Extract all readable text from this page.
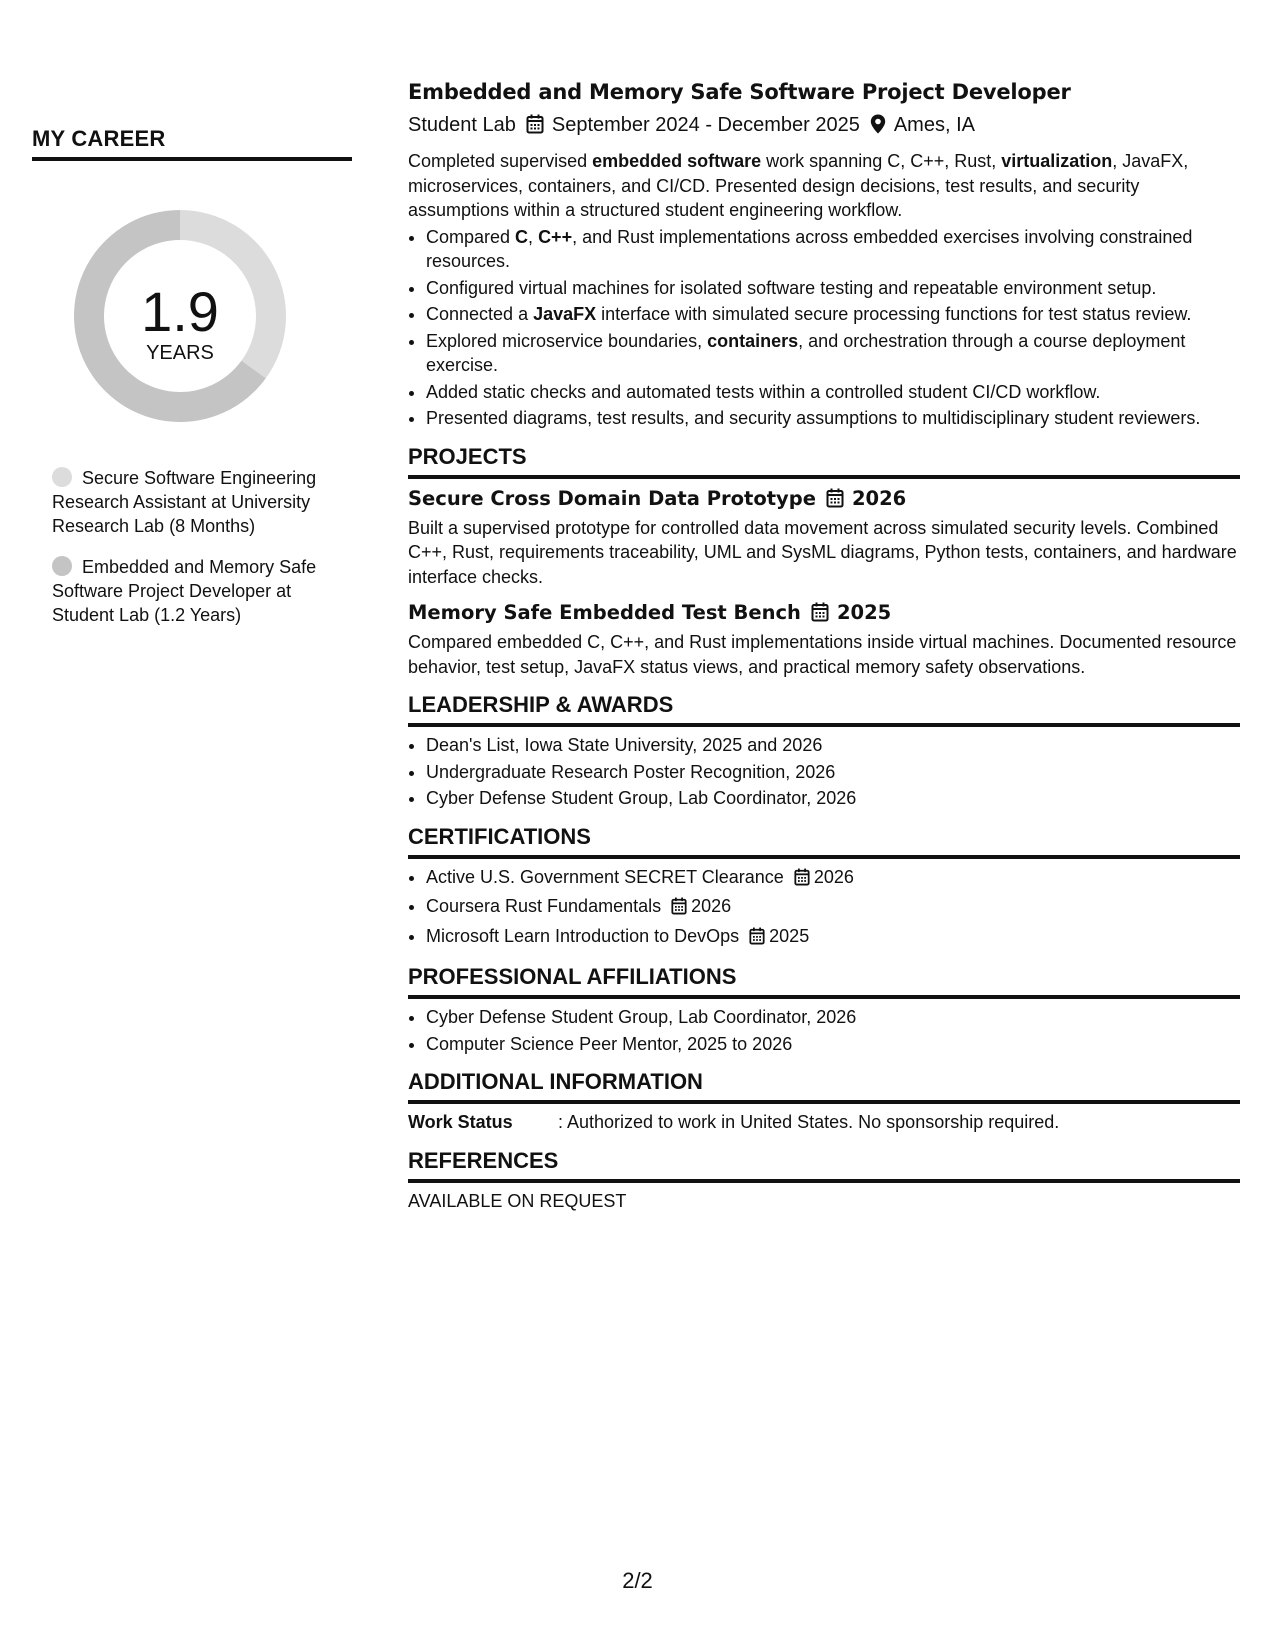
MY CAREER
1.9
YEARS
Secure Software Engineering Research Assistant at University Research Lab (8 Months)
Embedded and Memory Safe Software Project Developer at Student Lab (1.2 Years)
Embedded and Memory Safe Software Project Developer
Student Lab September 2024 - December 2025 Ames, IA

Completed supervised embedded software work spanning C, C++, Rust, virtualization, JavaFX, microservices, containers, and CI/CD. Presented design decisions, test results, and security assumptions within a structured student engineering workflow.

• Compared C, C++, and Rust implementations across embedded exercises involving constrained resources.
• Configured virtual machines for isolated software testing and repeatable environment setup.
• Connected a JavaFX interface with simulated secure processing functions for test status review.
• Explored microservice boundaries, containers, and orchestration through a course deployment exercise.
• Added static checks and automated tests within a controlled student CI/CD workflow.
• Presented diagrams, test results, and security assumptions to multidisciplinary student reviewers.
PROJECTS
Secure Cross Domain Data Prototype 2026
Built a supervised prototype for controlled data movement across simulated security levels. Combined C++, Rust, requirements traceability, UML and SysML diagrams, Python tests, containers, and hardware interface checks.
Memory Safe Embedded Test Bench 2025
Compared embedded C, C++, and Rust implementations inside virtual machines. Documented resource behavior, test setup, JavaFX status views, and practical memory safety observations.
LEADERSHIP & AWARDS
• Dean's List, Iowa State University, 2025 and 2026
• Undergraduate Research Poster Recognition, 2026
• Cyber Defense Student Group, Lab Coordinator, 2026
CERTIFICATIONS
• Active U.S. Government SECRET Clearance 2026
• Coursera Rust Fundamentals 2026
• Microsoft Learn Introduction to DevOps 2025
PROFESSIONAL AFFILIATIONS
• Cyber Defense Student Group, Lab Coordinator, 2026
• Computer Science Peer Mentor, 2025 to 2026
ADDITIONAL INFORMATION
Work Status	: Authorized to work in United States. No sponsorship required.
REFERENCES
AVAILABLE ON REQUEST
2/2
